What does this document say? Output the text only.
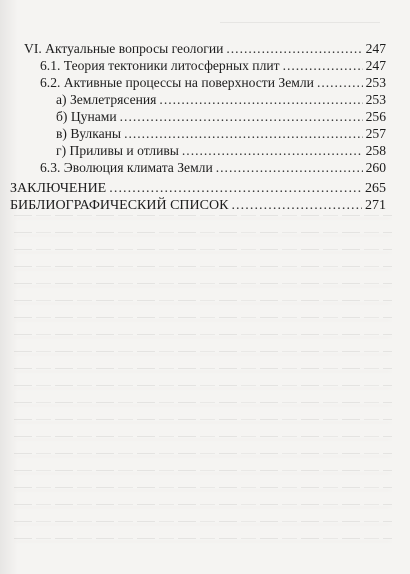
VI. Актуальные вопросы геологии . . .	247
6.1. Теория тектоники литосферных плит . . .	247
6.2. Активные процессы на поверхности Земли . . .	253
а) Землетрясения . . .	253
б) Цунами . . .	256
в) Вулканы . . .	257
г) Приливы и отливы . . .	258
6.3. Эволюция климата Земли . . .	260
ЗАКЛЮЧЕНИЕ . . .	265
БИБЛИОГРАФИЧЕСКИЙ СПИСОК . . .	271
